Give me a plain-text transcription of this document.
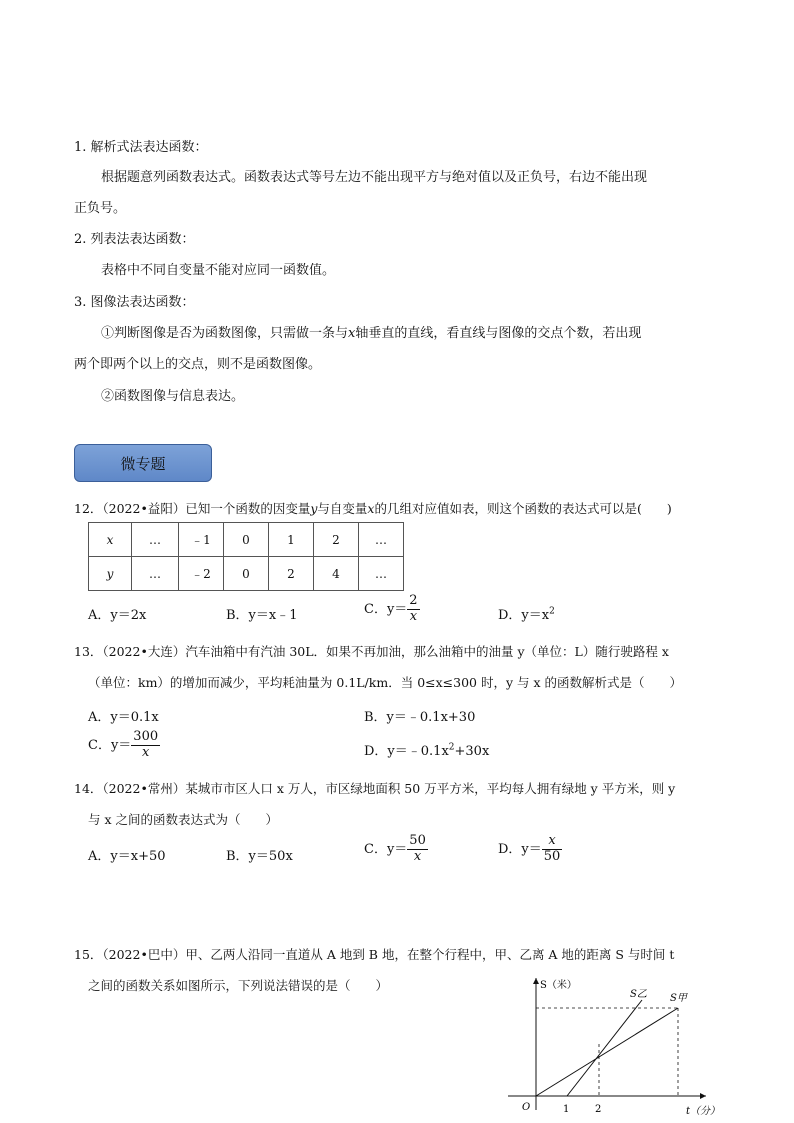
1. 解析式法表达函数：
根据题意列函数表达式。函数表达式等号左边不能出现平方与绝对值以及正负号，右边不能出现
正负号。
2. 列表法表达函数：
表格中不同自变量不能对应同一函数值。
3. 图像法表达函数：
①判断图像是否为函数图像，只需做一条与x轴垂直的直线，看直线与图像的交点个数，若出现
两个即两个以上的交点，则不是函数图像。
②函数图像与信息表达。
微专题
12．（2022•益阳）已知一个函数的因变量y与自变量x的几组对应值如表，则这个函数的表达式可以是(　　)
x	…	﹣1	0	1	2	…
y	…	﹣2	0	2	4	…
A．y＝2x	B．y＝x﹣1	C．$y= \frac{2}{x}$	D．$y=x^2$
13．（2022•大连）汽车油箱中有汽油 30L．如果不再加油，那么油箱中的油量 y（单位：L）随行驶路程 x
（单位：km）的增加而减少，平均耗油量为 0.1L/km．当 0≤x≤300 时，y 与 x 的函数解析式是（　　）
A．y＝0.1x	B．y＝﹣0.1x+30
C．$y= \frac{300}{x}$	D．$y=﹣0.1x^2+30x$
14．（2022•常州）某城市市区人口 x 万人，市区绿地面积 50 万平方米，平均每人拥有绿地 y 平方米，则 y
与 x 之间的函数表达式为（　　）
A．y＝x+50	B．y＝50x	C．$y= \frac{50}{x}$	D．$y= \frac{x}{50}$
15．（2022•巴中）甲、乙两人沿同一直道从 A 地到 B 地，在整个行程中，甲、乙离 A 地的距离 S 与时间 t
之间的函数关系如图所示，下列说法错误的是（　　）	S（米）
t（分）
O	1	2
S乙 S甲
